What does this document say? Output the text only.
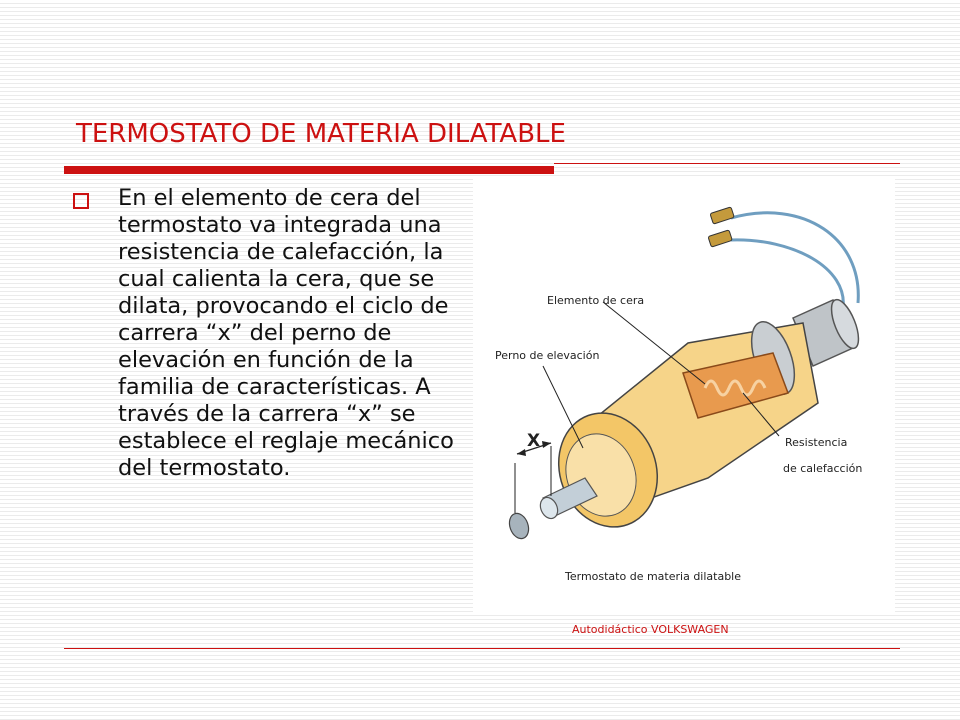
TERMOSTATO DE MATERIA DILATABLE
En el elemento de cera del termostato va integrada una resistencia de calefacción, la cual calienta la cera, que se dilata, provocando el ciclo de carrera “x” del perno de elevación en función de la familia de características. A través de la carrera “x” se establece el reglaje mecánico del termostato.
X
Elemento de cera
Perno de elevación
Resistencia
de calefacción
Termostato de materia dilatable
Autodidáctico VOLKSWAGEN
